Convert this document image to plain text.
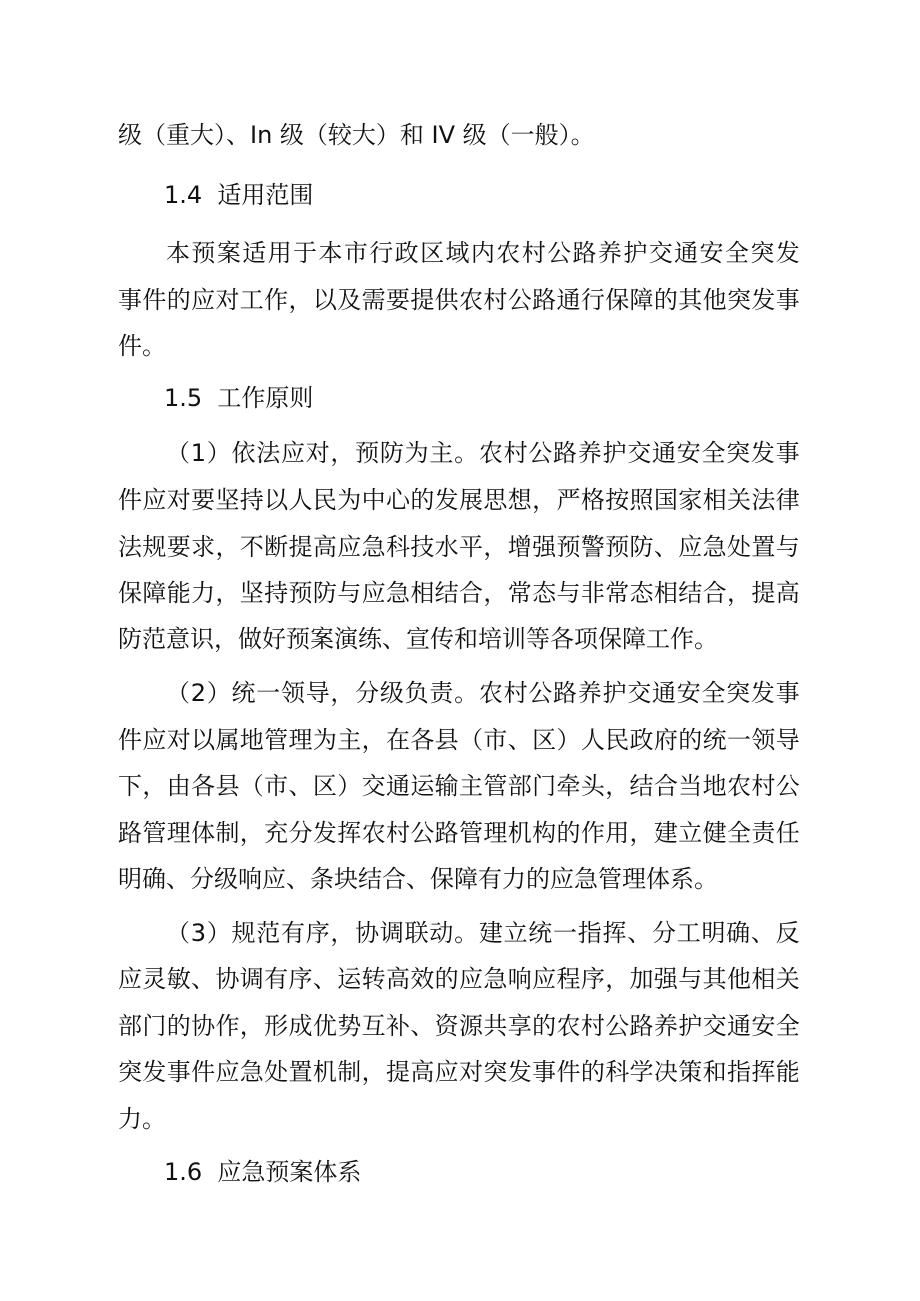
级（重大）、In 级（较大）和 IV 级（一般）。
1.4  适用范围
本 预 案 适 用 于 本 市 行 政 区 域 内 农 村 公 路 养 护 交 通 安 全 突 发
事 件 的 应 对 工 作 ， 以 及 需 要 提 供 农 村 公 路 通 行 保 障 的 其 他 突 发 事
件。
1.5  工作原则
（ 1 ） 依 法 应 对 ， 预 防 为 主 。 农 村 公 路 养 护 交 通 安 全 突 发 事
件 应 对 要 坚 持 以 人 民 为 中 心 的 发 展 思 想 ， 严 格 按 照 国 家 相 关 法 律
法 规 要 求 ， 不 断 提 高 应 急 科 技 水 平 ， 增 强 预 警 预 防 、 应 急 处 置 与
保 障 能 力 ， 坚 持 预 防 与 应 急 相 结 合 ， 常 态 与 非 常 态 相 结 合 ， 提 高
防范意识，做好预案演练、宣传和培训等各项保障工作。
（ 2 ） 统 一 领 导 ， 分 级 负 责 。 农 村 公 路 养 护 交 通 安 全 突 发 事
件 应 对 以 属 地 管 理 为 主 ， 在 各 县 （ 市 、 区 ） 人 民 政 府 的 统 一 领 导
下 ， 由 各 县 （ 市 、 区 ） 交 通 运 输 主 管 部 门 牵 头 ， 结 合 当 地 农 村 公
路 管 理 体 制 ， 充 分 发 挥 农 村 公 路 管 理 机 构 的 作 用 ， 建 立 健 全 责 任
明确、分级响应、条块结合、保障有力的应急管理体系。
（ 3 ） 规 范 有 序 ， 协 调 联 动 。 建 立 统 一 指 挥 、 分 工 明 确 、 反
应 灵 敏 、 协 调 有 序 、 运 转 高 效 的 应 急 响 应 程 序 ， 加 强 与 其 他 相 关
部 门 的 协 作 ， 形 成 优 势 互 补 、 资 源 共 享 的 农 村 公 路 养 护 交 通 安 全
突 发 事 件 应 急 处 置 机 制 ， 提 高 应 对 突 发 事 件 的 科 学 决 策 和 指 挥 能
力。
1.6  应急预案体系
